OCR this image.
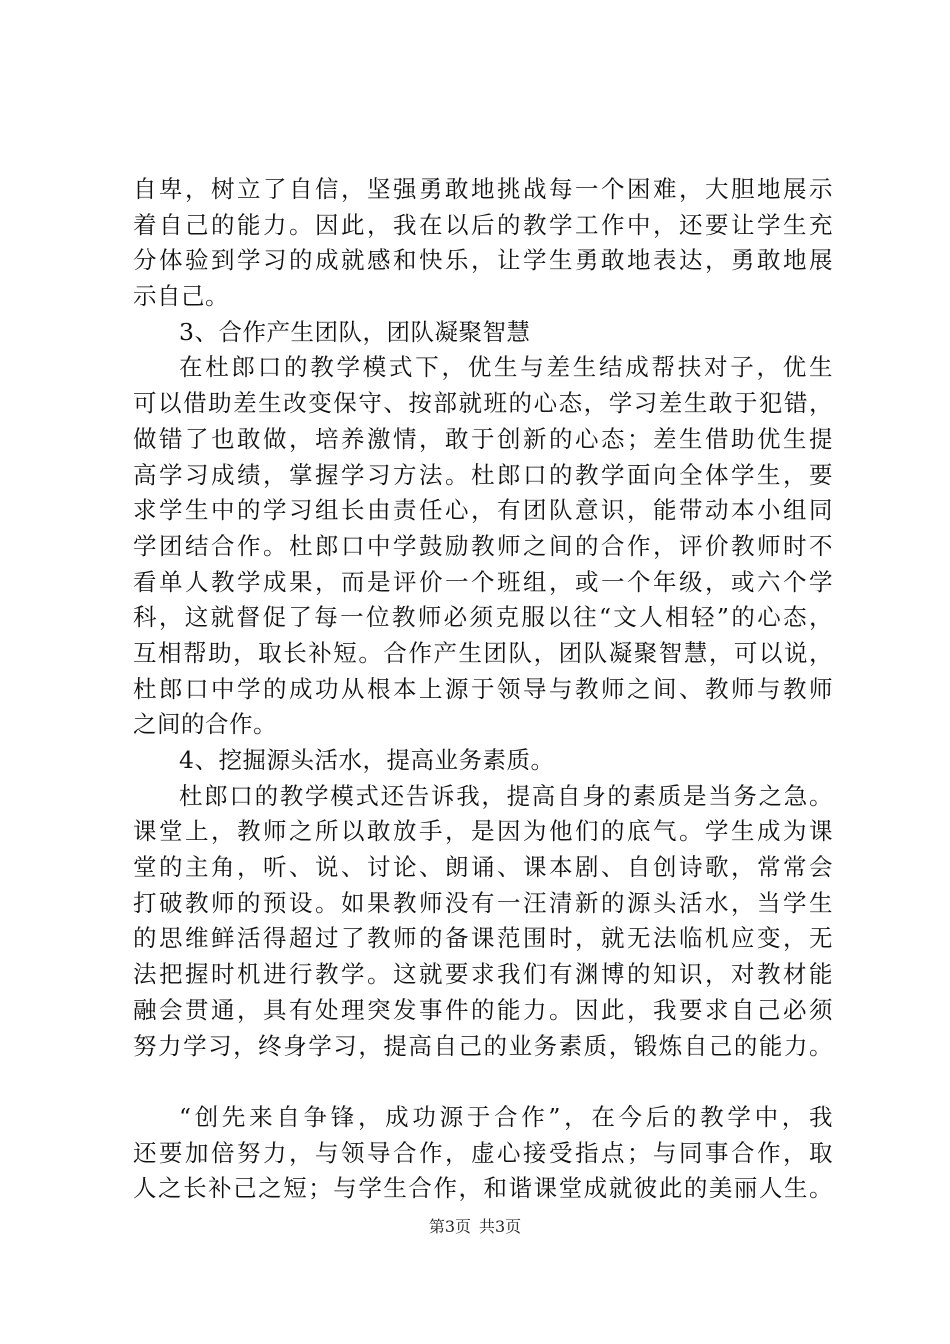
自卑，树立了自信，坚强勇敢地挑战每一个困难，大胆地展示
着自己的能力。因此，我在以后的教学工作中，还要让学生充
分体验到学习的成就感和快乐，让学生勇敢地表达，勇敢地展
示自己。
3、合作产生团队，团队凝聚智慧
在杜郎口的教学模式下，优生与差生结成帮扶对子，优生
可以借助差生改变保守、按部就班的心态，学习差生敢于犯错，
做错了也敢做，培养激情，敢于创新的心态；差生借助优生提
高学习成绩，掌握学习方法。杜郎口的教学面向全体学生，要
求学生中的学习组长由责任心，有团队意识，能带动本小组同
学团结合作。杜郎口中学鼓励教师之间的合作，评价教师时不
看单人教学成果，而是评价一个班组，或一个年级，或六个学
科，这就督促了每一位教师必须克服以往“文人相轻”的心态，
互相帮助，取长补短。合作产生团队，团队凝聚智慧，可以说，
杜郎口中学的成功从根本上源于领导与教师之间、教师与教师
之间的合作。
4、挖掘源头活水，提高业务素质。
杜郎口的教学模式还告诉我，提高自身的素质是当务之急。
课堂上，教师之所以敢放手，是因为他们的底气。学生成为课
堂的主角，听、说、讨论、朗诵、课本剧、自创诗歌，常常会
打破教师的预设。如果教师没有一汪清新的源头活水，当学生
的思维鲜活得超过了教师的备课范围时，就无法临机应变，无
法把握时机进行教学。这就要求我们有渊博的知识，对教材能
融会贯通，具有处理突发事件的能力。因此，我要求自己必须
努力学习，终身学习，提高自己的业务素质，锻炼自己的能力。
“创先来自争锋，成功源于合作”，在今后的教学中，我
还要加倍努力，与领导合作，虚心接受指点；与同事合作，取
人之长补己之短；与学生合作，和谐课堂成就彼此的美丽人生。
第3页 共3页
